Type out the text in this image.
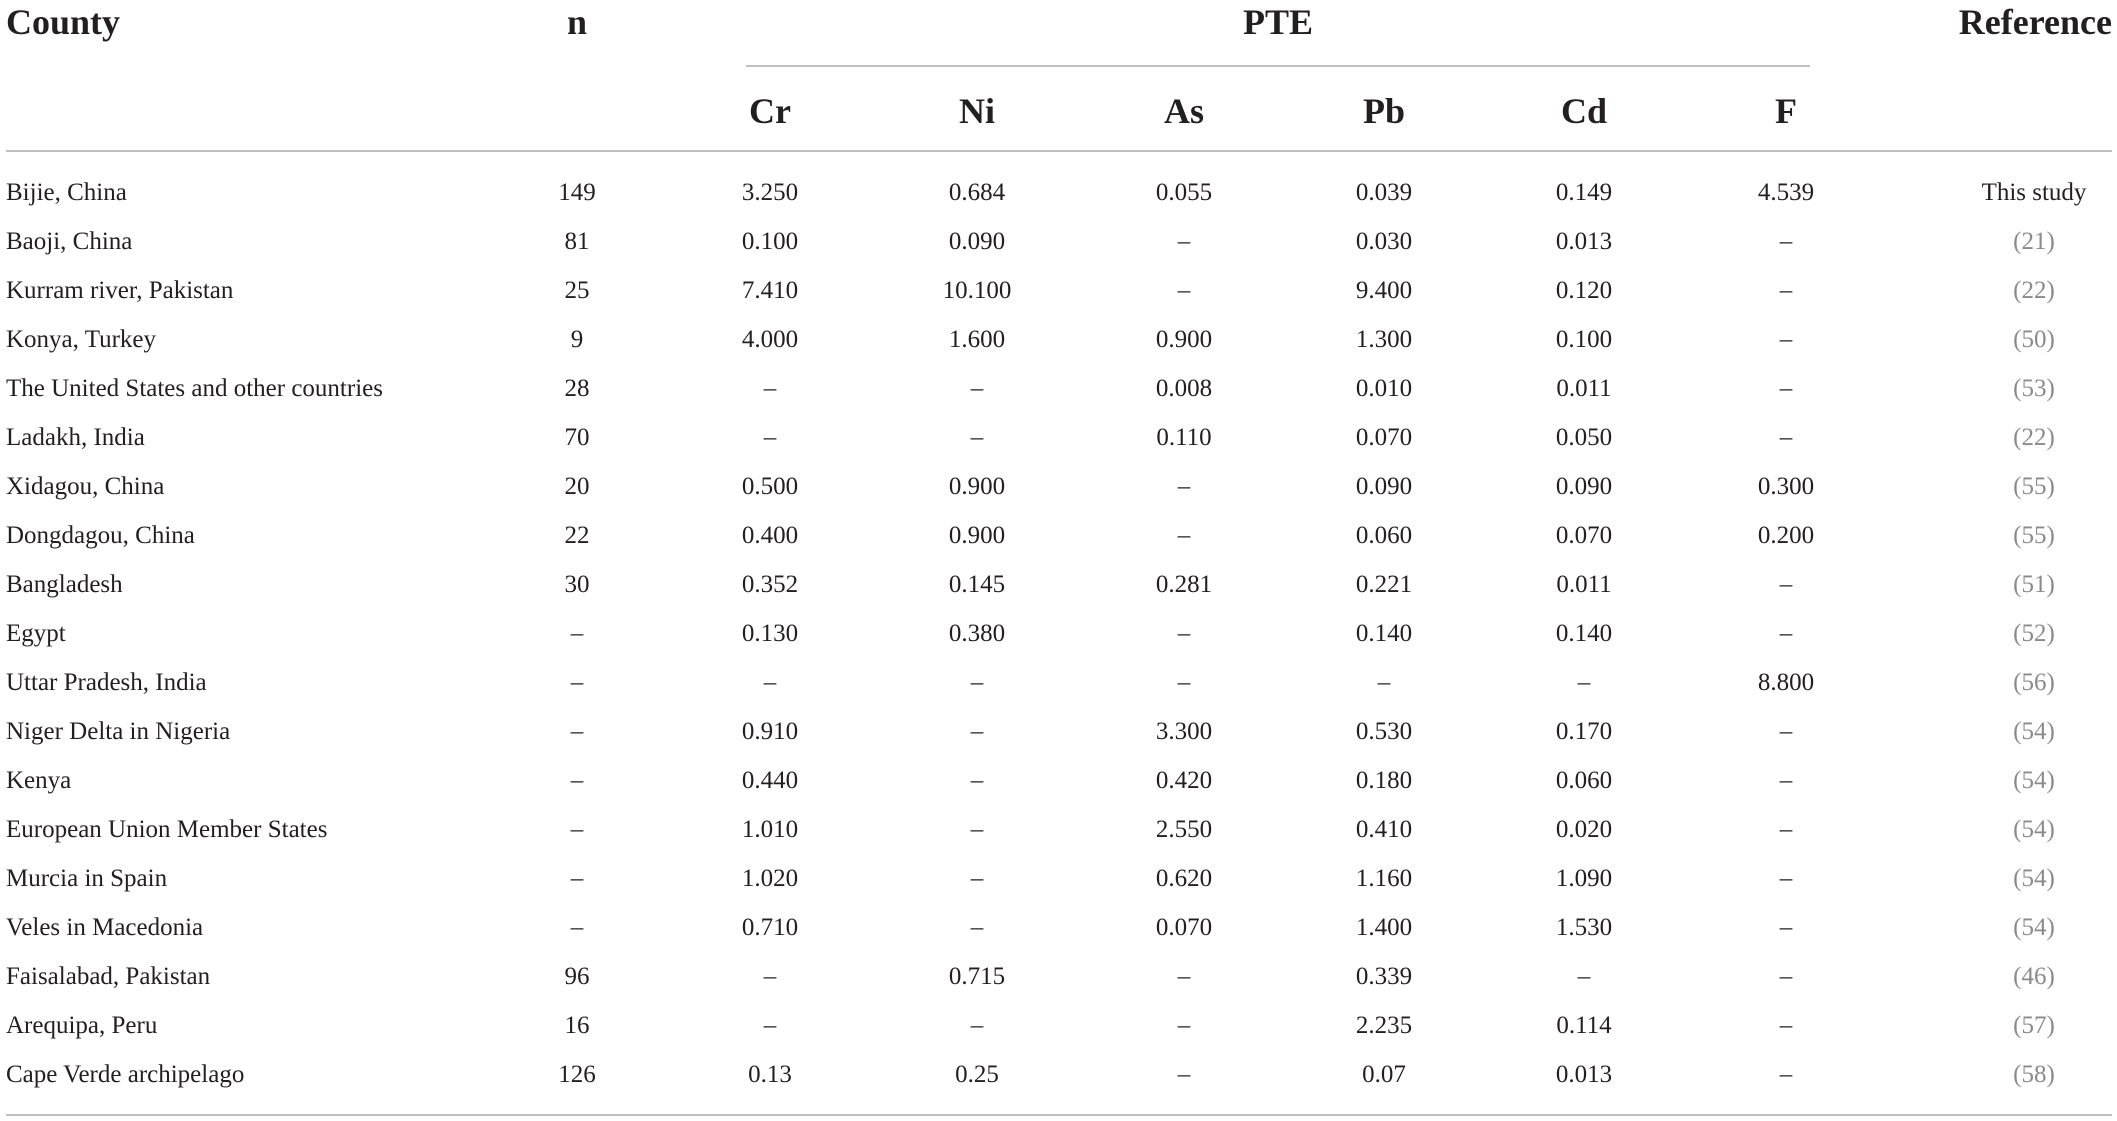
County	n	PTE	Reference
Cr	Ni	As	Pb	Cd	F
Bijie, China	149	3.250	0.684	0.055	0.039	0.149	4.539	This study
Baoji, China	81	0.100	0.090	–	0.030	0.013	–	(21)
Kurram river, Pakistan	25	7.410	10.100	–	9.400	0.120	–	(22)
Konya, Turkey	9	4.000	1.600	0.900	1.300	0.100	–	(50)
The United States and other countries	28	–	–	0.008	0.010	0.011	–	(53)
Ladakh, India	70	–	–	0.110	0.070	0.050	–	(22)
Xidagou, China	20	0.500	0.900	–	0.090	0.090	0.300	(55)
Dongdagou, China	22	0.400	0.900	–	0.060	0.070	0.200	(55)
Bangladesh	30	0.352	0.145	0.281	0.221	0.011	–	(51)
Egypt	–	0.130	0.380	–	0.140	0.140	–	(52)
Uttar Pradesh, India	–	–	–	–	–	–	8.800	(56)
Niger Delta in Nigeria	–	0.910	–	3.300	0.530	0.170	–	(54)
Kenya	–	0.440	–	0.420	0.180	0.060	–	(54)
European Union Member States	–	1.010	–	2.550	0.410	0.020	–	(54)
Murcia in Spain	–	1.020	–	0.620	1.160	1.090	–	(54)
Veles in Macedonia	–	0.710	–	0.070	1.400	1.530	–	(54)
Faisalabad, Pakistan	96	–	0.715	–	0.339	–	–	(46)
Arequipa, Peru	16	–	–	–	2.235	0.114	–	(57)
Cape Verde archipelago	126	0.13	0.25	–	0.07	0.013	–	(58)
